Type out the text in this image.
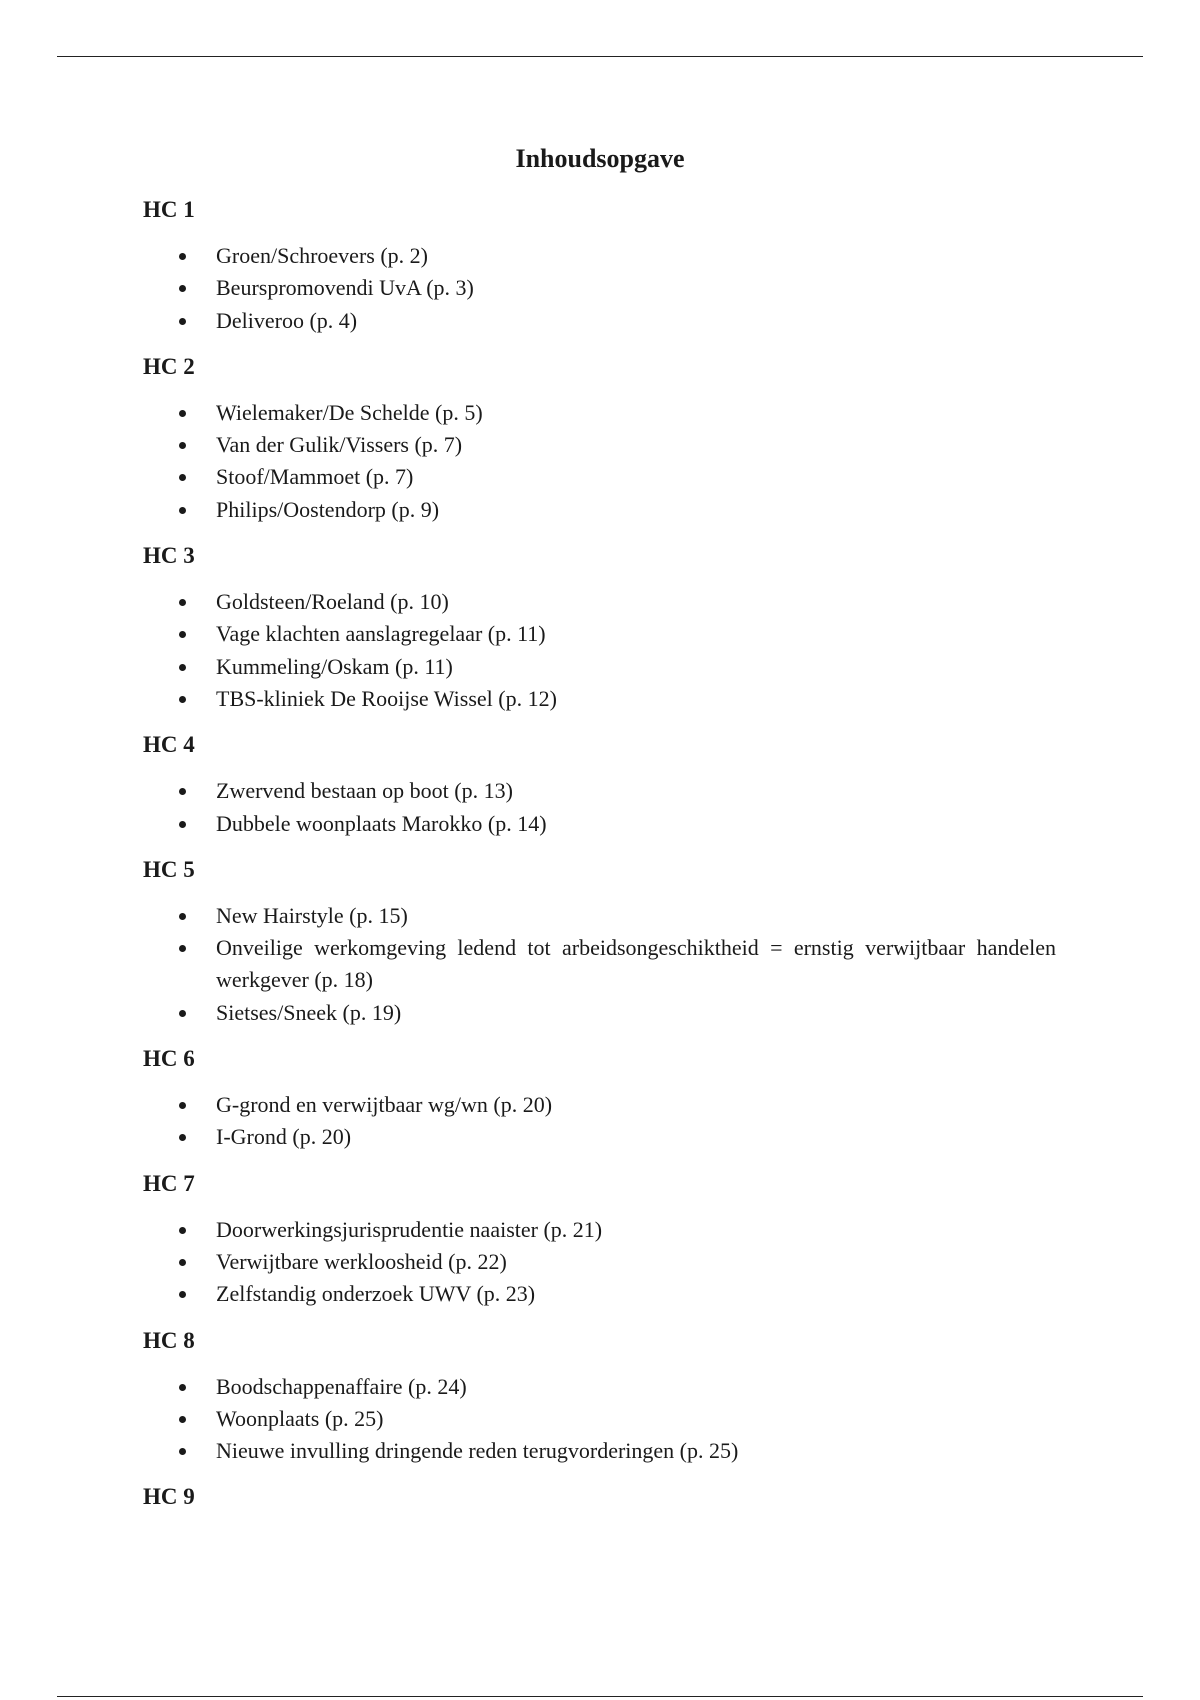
Inhoudsopgave
HC 1
Groen/Schroevers (p. 2)
Beurspromovendi UvA (p. 3)
Deliveroo (p. 4)
HC 2
Wielemaker/De Schelde (p. 5)
Van der Gulik/Vissers (p. 7)
Stoof/Mammoet (p. 7)
Philips/Oostendorp (p. 9)
HC 3
Goldsteen/Roeland (p. 10)
Vage klachten aanslagregelaar (p. 11)
Kummeling/Oskam (p. 11)
TBS-kliniek De Rooijse Wissel (p. 12)
HC 4
Zwervend bestaan op boot (p. 13)
Dubbele woonplaats Marokko (p. 14)
HC 5
New Hairstyle (p. 15)
Onveilige werkomgeving ledend tot arbeidsongeschiktheid = ernstig verwijtbaar handelen werkgever (p. 18)
Sietses/Sneek (p. 19)
HC 6
G-grond en verwijtbaar wg/wn (p. 20)
I-Grond (p. 20)
HC 7
Doorwerkingsjurisprudentie naaister (p. 21)
Verwijtbare werkloosheid (p. 22)
Zelfstandig onderzoek UWV (p. 23)
HC 8
Boodschappenaffaire (p. 24)
Woonplaats (p. 25)
Nieuwe invulling dringende reden terugvorderingen (p. 25)
HC 9
